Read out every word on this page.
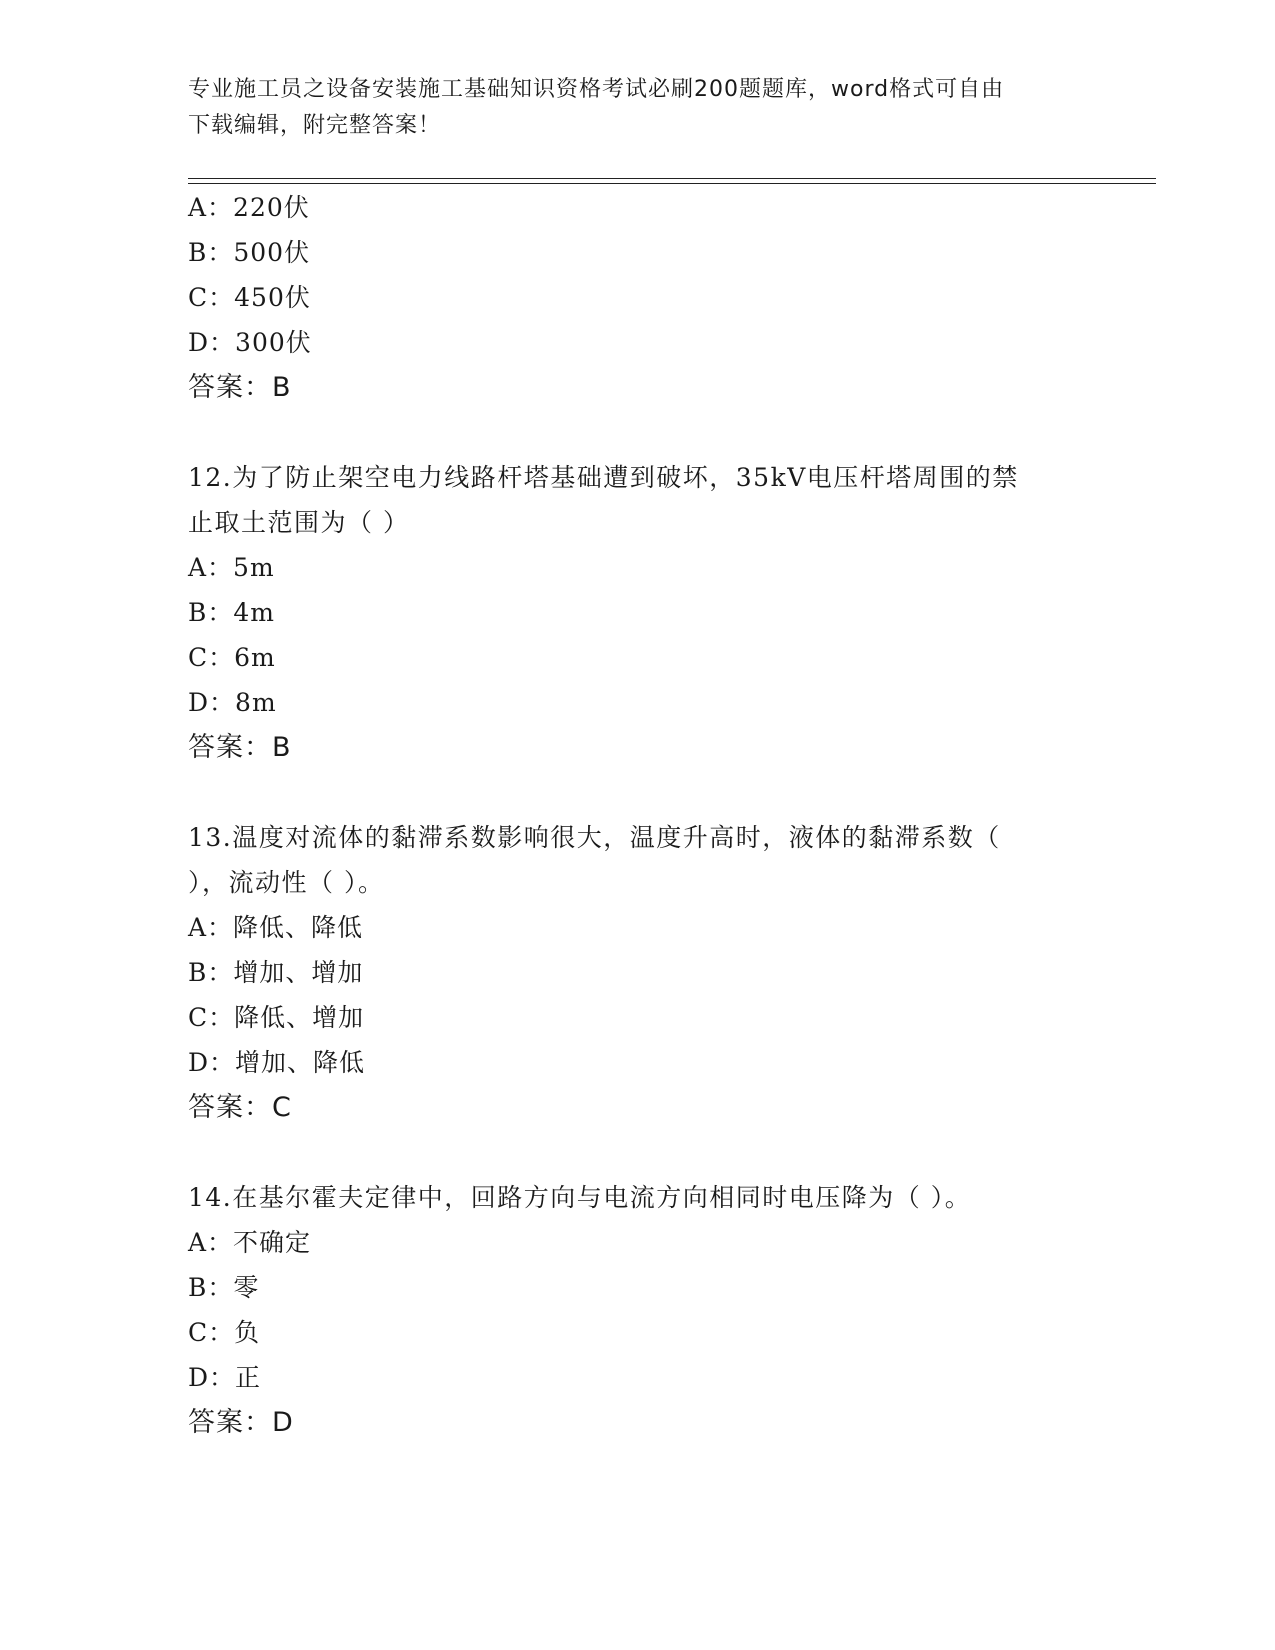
专业施工员之设备安装施工基础知识资格考试必刷200题题库，word格式可自由
下载编辑，附完整答案！
A：220伏
B：500伏
C：450伏
D：300伏
答案：B
12.为了防止架空电力线路杆塔基础遭到破坏，35kV电压杆塔周围的禁
止取土范围为（ ）
A：5m
B：4m
C：6m
D：8m
答案：B
13.温度对流体的黏滞系数影响很大，温度升高时，液体的黏滞系数（
），流动性（ ）。
A：降低、降低
B：增加、增加
C：降低、增加
D：增加、降低
答案：C
14.在基尔霍夫定律中，回路方向与电流方向相同时电压降为（ ）。
A：不确定
B：零
C：负
D：正
答案：D
